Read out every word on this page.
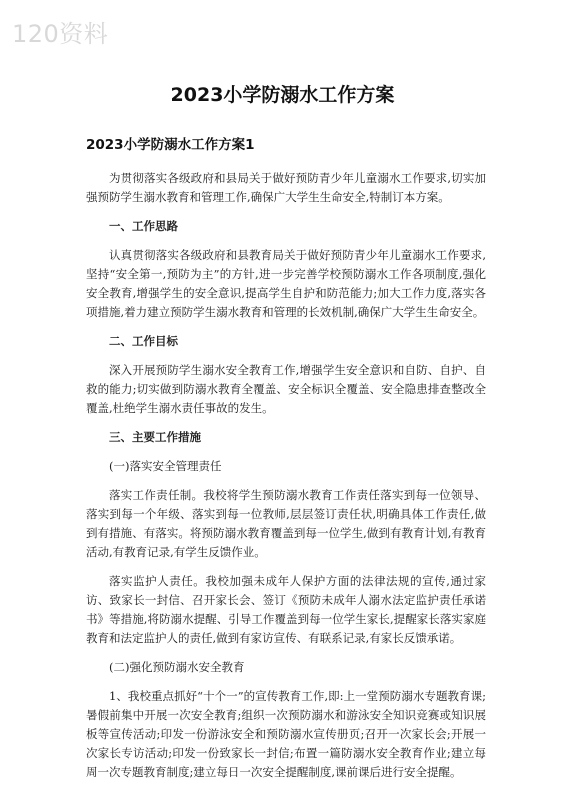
120资料
2023小学防溺水工作方案
2023小学防溺水工作方案1

为贯彻落实各级政府和县局关于做好预防青少年儿童溺水工作要求,切实加强预防学生溺水教育和管理工作,确保广大学生生命安全,特制订本方案。

一、工作思路

认真贯彻落实各级政府和县教育局关于做好预防青少年儿童溺水工作要求,坚持“安全第一,预防为主”的方针,进一步完善学校预防溺水工作各项制度,强化安全教育,增强学生的安全意识,提高学生自护和防范能力;加大工作力度,落实各项措施,着力建立预防学生溺水教育和管理的长效机制,确保广大学生生命安全。

二、工作目标

深入开展预防学生溺水安全教育工作,增强学生安全意识和自防、自护、自救的能力;切实做到防溺水教育全覆盖、安全标识全覆盖、安全隐患排查整改全覆盖,杜绝学生溺水责任事故的发生。

三、主要工作措施
(一)落实安全管理责任

落实工作责任制。我校将学生预防溺水教育工作责任落实到每一位领导、落实到每一个年级、落实到每一位教师,层层签订责任状,明确具体工作责任,做到有措施、有落实。将预防溺水教育覆盖到每一位学生,做到有教育计划,有教育活动,有教育记录,有学生反馈作业。

落实监护人责任。我校加强未成年人保护方面的法律法规的宣传,通过家访、致家长一封信、召开家长会、签订《预防未成年人溺水法定监护责任承诺书》等措施,将防溺水提醒、引导工作覆盖到每一位学生家长,提醒家长落实家庭教育和法定监护人的责任,做到有家访宣传、有联系记录,有家长反馈承诺。

(二)强化预防溺水安全教育

1、我校重点抓好“十个一”的宣传教育工作,即:上一堂预防溺水专题教育课;暑假前集中开展一次安全教育;组织一次预防溺水和游泳安全知识竞赛或知识展板等宣传活动;印发一份游泳安全和预防溺水宣传册页;召开一次家长会;开展一次家长专访活动;印发一份致家长一封信;布置一篇防溺水安全教育作业;建立每周一次专题教育制度;建立每日一次安全提醒制度,课前课后进行安全提醒。
